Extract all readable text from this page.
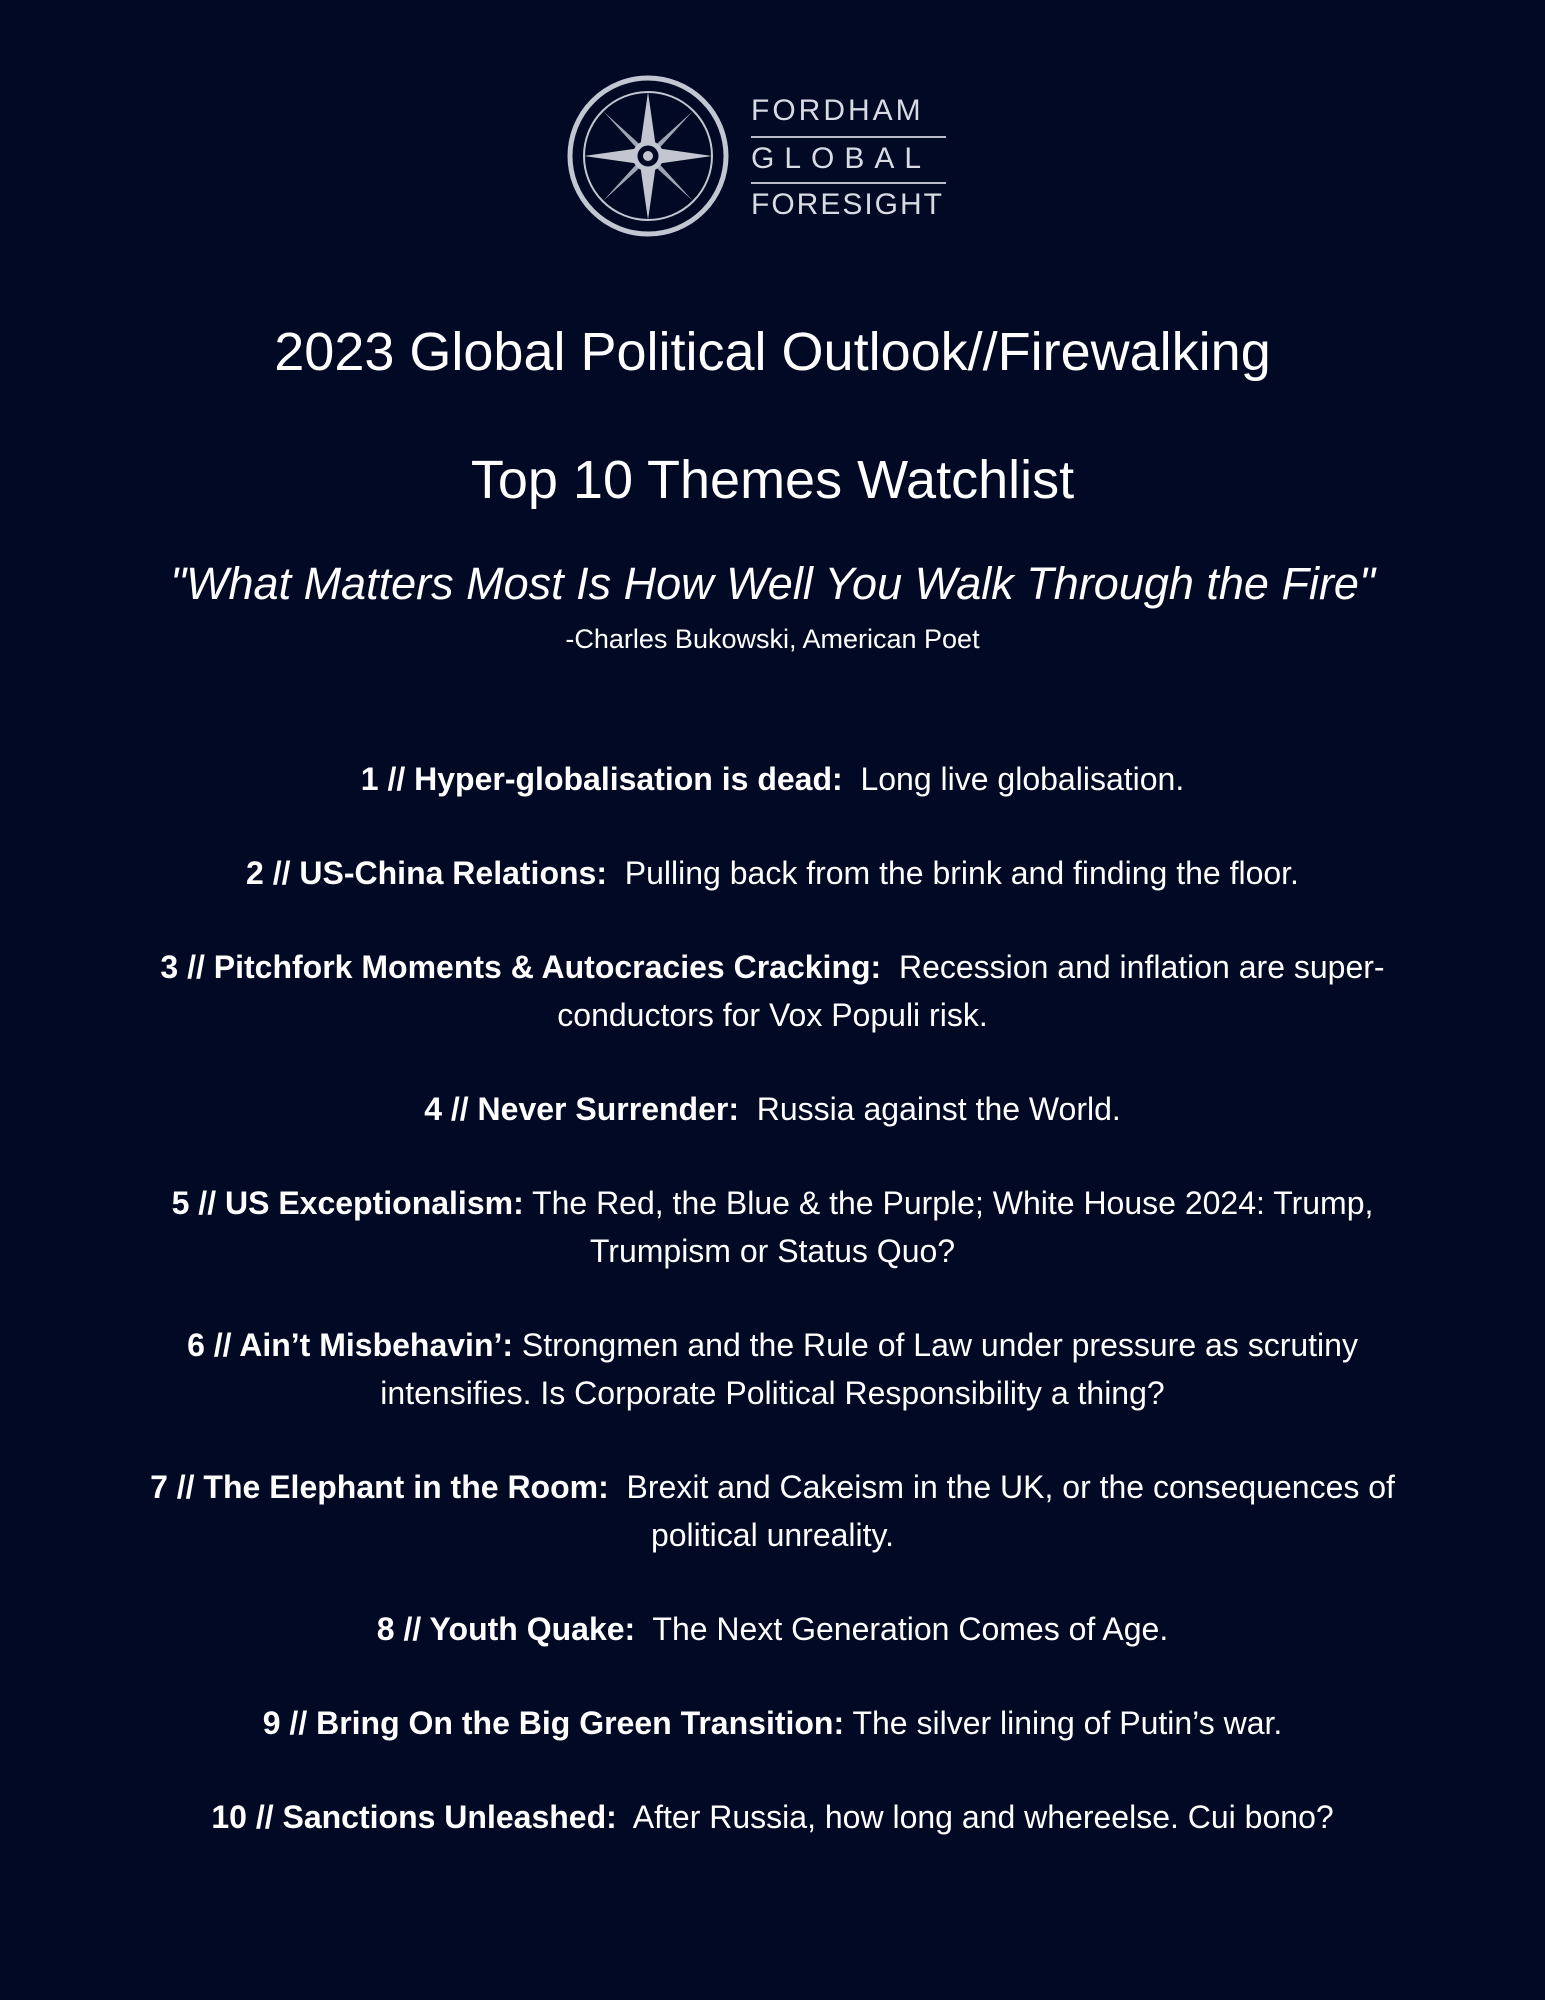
FORDHAM
GLOBAL
FORESIGHT
2023 Global Political Outlook//Firewalking
Top 10 Themes Watchlist

"What Matters Most Is How Well You Walk Through the Fire"

-Charles Bukowski, American Poet
1 // Hyper-globalisation is dead: Long live globalisation.
2 // US-China Relations: Pulling back from the brink and finding the floor.
3 // Pitchfork Moments & Autocracies Cracking: Recession and inflation are super-conductors for Vox Populi risk.
4 // Never Surrender: Russia against the World.
5 // US Exceptionalism: The Red, the Blue & the Purple; White House 2024: Trump, Trumpism or Status Quo?
6 // Ain’t Misbehavin’: Strongmen and the Rule of Law under pressure as scrutiny intensifies. Is Corporate Political Responsibility a thing?
7 // The Elephant in the Room: Brexit and Cakeism in the UK, or the consequences of political unreality.
8 // Youth Quake: The Next Generation Comes of Age.
9 // Bring On the Big Green Transition: The silver lining of Putin’s war.
10 // Sanctions Unleashed: After Russia, how long and whereelse. Cui bono?
